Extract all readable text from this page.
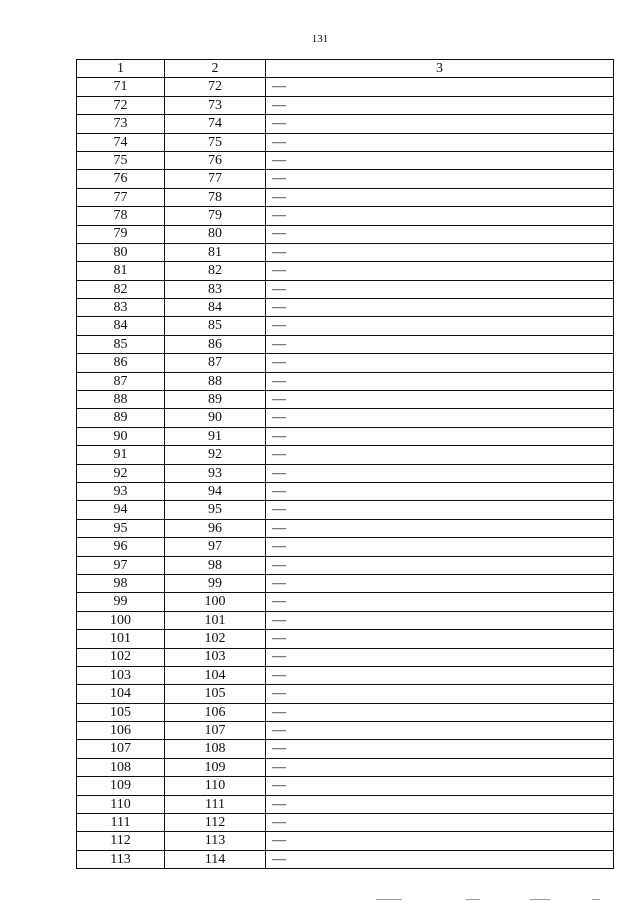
131
1	2	3
71	72	—
72	73	—
73	74	—
74	75	—
75	76	—
76	77	—
77	78	—
78	79	—
79	80	—
80	81	—
81	82	—
82	83	—
83	84	—
84	85	—
85	86	—
86	87	—
87	88	—
88	89	—
89	90	—
90	91	—
91	92	—
92	93	—
93	94	—
94	95	—
95	96	—
96	97	—
97	98	—
98	99	—
99	100	—
100	101	—
101	102	—
102	103	—
103	104	—
104	105	—
105	106	—
106	107	—
107	108	—
108	109	—
109	110	—
110	111	—
111	112	—
112	113	—
113	114	—
